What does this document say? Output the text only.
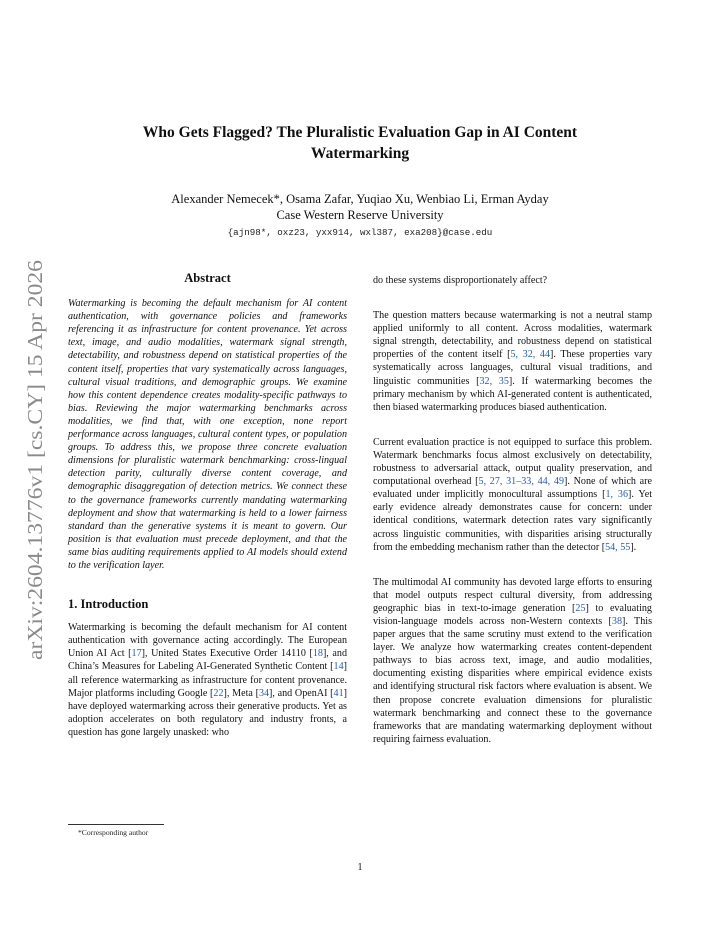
arXiv:2604.13776v1 [cs.CY] 15 Apr 2026
Who Gets Flagged? The Pluralistic Evaluation Gap in AI Content
Watermarking

Alexander Nemecek*, Osama Zafar, Yuqiao Xu, Wenbiao Li, Erman Ayday

Case Western Reserve University

{ajn98*, oxz23, yxx914, wxl387, exa208}@case.edu

Abstract

Watermarking is becoming the default mechanism for AI content authentication, with governance policies and frameworks referencing it as infrastructure for content provenance. Yet across text, image, and audio modalities, watermark signal strength, detectability, and robustness depend on statistical properties of the content itself, properties that vary systematically across languages, cultural visual traditions, and demographic groups. We examine how this content dependence creates modality-specific pathways to bias. Reviewing the major watermarking benchmarks across modalities, we find that, with one exception, none report performance across languages, cultural content types, or population groups. To address this, we propose three concrete evaluation dimensions for pluralistic watermark benchmarking: cross-lingual detection parity, culturally diverse content coverage, and demographic disaggregation of detection metrics. We connect these to the governance frameworks currently mandating watermarking deployment and show that watermarking is held to a lower fairness standard than the generative systems it is meant to govern. Our position is that evaluation must precede deployment, and that the same bias auditing requirements applied to AI models should extend to the verification layer.

1. Introduction

Watermarking is becoming the default mechanism for AI content authentication with governance acting accordingly. The European Union AI Act [17], United States Executive Order 14110 [18], and China’s Measures for Labeling AI-Generated Synthetic Content [14] all reference watermarking as infrastructure for content provenance. Major platforms including Google [22], Meta [34], and OpenAI [41] have deployed watermarking across their generative products. Yet as adoption accelerates on both regulatory and industry fronts, a question has gone largely unasked: who

do these systems disproportionately affect?

The question matters because watermarking is not a neutral stamp applied uniformly to all content. Across modalities, watermark signal strength, detectability, and robustness depend on statistical properties of the content itself [5, 32, 44]. These properties vary systematically across languages, cultural visual traditions, and linguistic communities [32, 35]. If watermarking becomes the primary mechanism by which AI-generated content is authenticated, then biased watermarking produces biased authentication.

Current evaluation practice is not equipped to surface this problem. Watermark benchmarks focus almost exclusively on detectability, robustness to adversarial attack, output quality preservation, and computational overhead [5, 27, 31–33, 44, 49]. None of which are evaluated under implicitly monocultural assumptions [1, 36]. Yet early evidence already demonstrates cause for concern: under identical conditions, watermark detection rates vary significantly across linguistic communities, with disparities arising structurally from the embedding mechanism rather than the detector [54, 55].

The multimodal AI community has devoted large efforts to ensuring that model outputs respect cultural diversity, from addressing geographic bias in text-to-image generation [25] to evaluating vision-language models across non-Western contexts [38]. This paper argues that the same scrutiny must extend to the verification layer. We analyze how watermarking creates content-dependent pathways to bias across text, image, and audio modalities, documenting existing disparities where empirical evidence exists and identifying structural risk factors where evaluation is absent. We then propose concrete evaluation dimensions for pluralistic watermark benchmarking and connect these to the governance frameworks that are mandating watermarking deployment without requiring fairness evaluation.

*Corresponding author

1
